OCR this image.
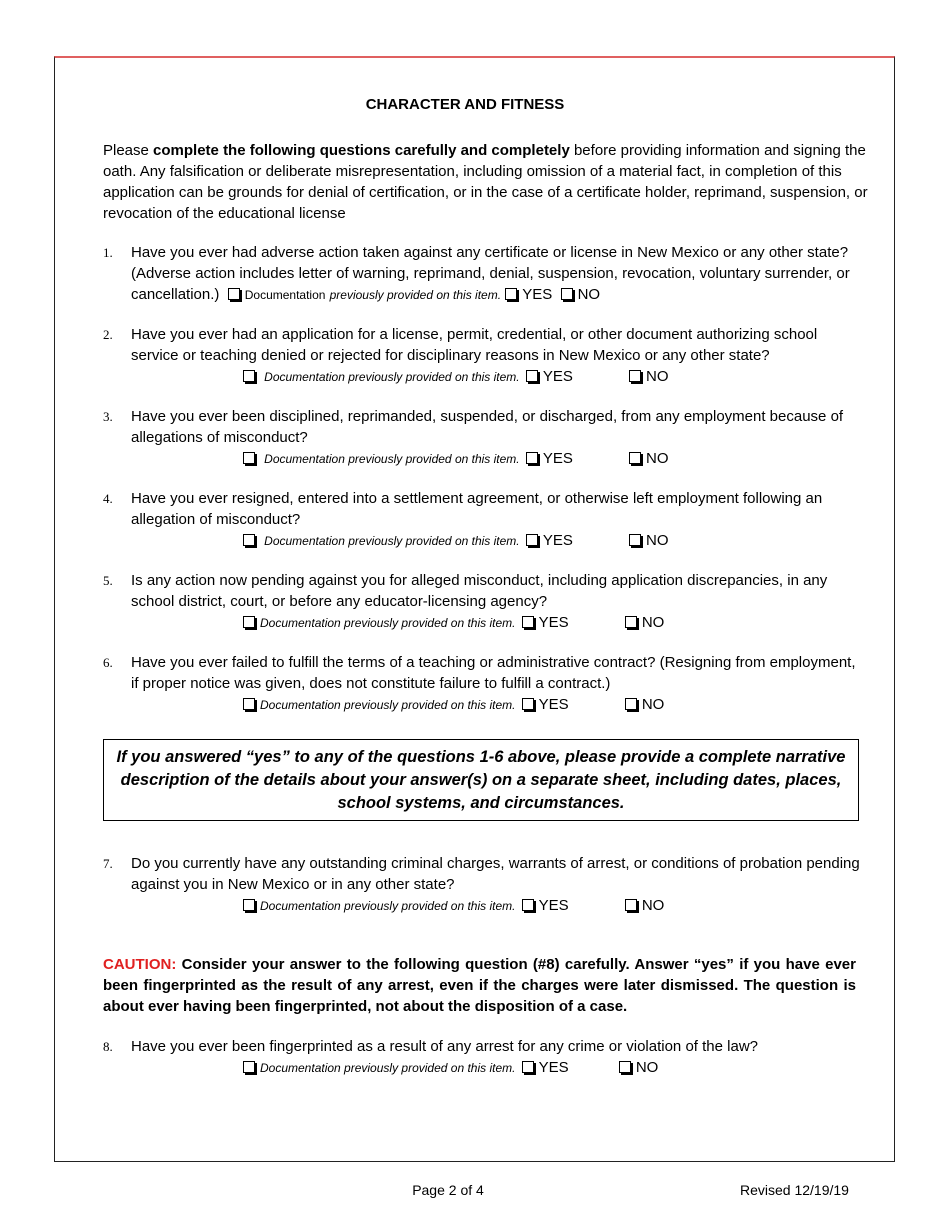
CHARACTER AND FITNESS
Please complete the following questions carefully and completely before providing information and signing the oath. Any falsification or deliberate misrepresentation, including omission of a material fact, in completion of this application can be grounds for denial of certification, or in the case of a certificate holder, reprimand, suspension, or revocation of the educational license
1.	Have you ever had adverse action taken against any certificate or license in New Mexico or any other state? (Adverse action includes letter of warning, reprimand, denial, suspension, revocation, voluntary surrender, or cancellation.) Documentation previously provided on this item. YES NO
2.	Have you ever had an application for a license, permit, credential, or other document authorizing school service or teaching denied or rejected for disciplinary reasons in New Mexico or any other state?
Documentation previously provided on this item. YES	NO
3.	Have you ever been disciplined, reprimanded, suspended, or discharged, from any employment because of allegations of misconduct?
Documentation previously provided on this item. YES	NO
4.	Have you ever resigned, entered into a settlement agreement, or otherwise left employment following an allegation of misconduct?
Documentation previously provided on this item. YES	NO
5.	Is any action now pending against you for alleged misconduct, including application discrepancies, in any school district, court, or before any educator-licensing agency?
Documentation previously provided on this item. YES	NO
6.	Have you ever failed to fulfill the terms of a teaching or administrative contract? (Resigning from employment, if proper notice was given, does not constitute failure to fulfill a contract.)
Documentation previously provided on this item. YES	NO
If you answered “yes” to any of the questions 1-6 above, please provide a complete narrative description of the details about your answer(s) on a separate sheet, including dates, places, school systems, and circumstances.
7.	Do you currently have any outstanding criminal charges, warrants of arrest, or conditions of probation pending against you in New Mexico or in any other state?
Documentation previously provided on this item. YES	NO
CAUTION: Consider your answer to the following question (#8) carefully. Answer “yes” if you have ever been fingerprinted as the result of any arrest, even if the charges were later dismissed. The question is about ever having been fingerprinted, not about the disposition of a case.
8.	Have you ever been fingerprinted as a result of any arrest for any crime or violation of the law?
Documentation previously provided on this item. YES	NO
Page 2 of 4	Revised 12/19/19
